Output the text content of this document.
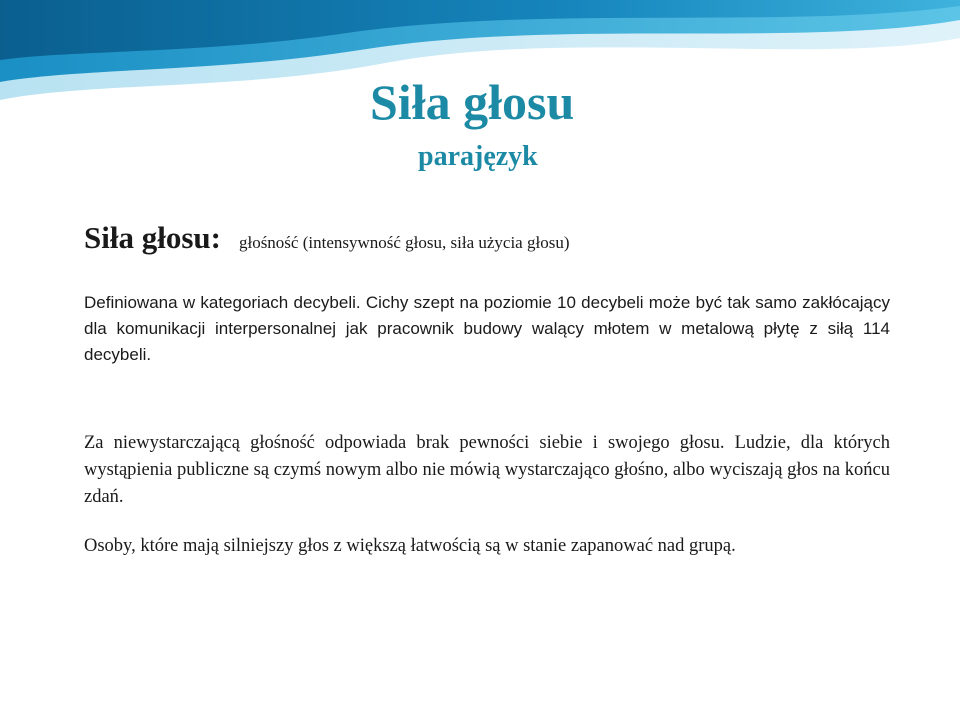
Siła głosu
parajęzyk
Siła głosu: głośność (intensywność głosu, siła użycia głosu)

Definiowana w kategoriach decybeli. Cichy szept na poziomie 10 decybeli może być tak samo zakłócający dla komunikacji interpersonalnej jak pracownik budowy walący młotem w metalową płytę z siłą 114 decybeli.

Za niewystarczającą głośność odpowiada brak pewności siebie i swojego głosu. Ludzie, dla których wystąpienia publiczne są czymś nowym albo nie mówią wystarczająco głośno, albo wyciszają głos na końcu zdań.

Osoby, które mają silniejszy głos z większą łatwością są w stanie zapanować nad grupą.
